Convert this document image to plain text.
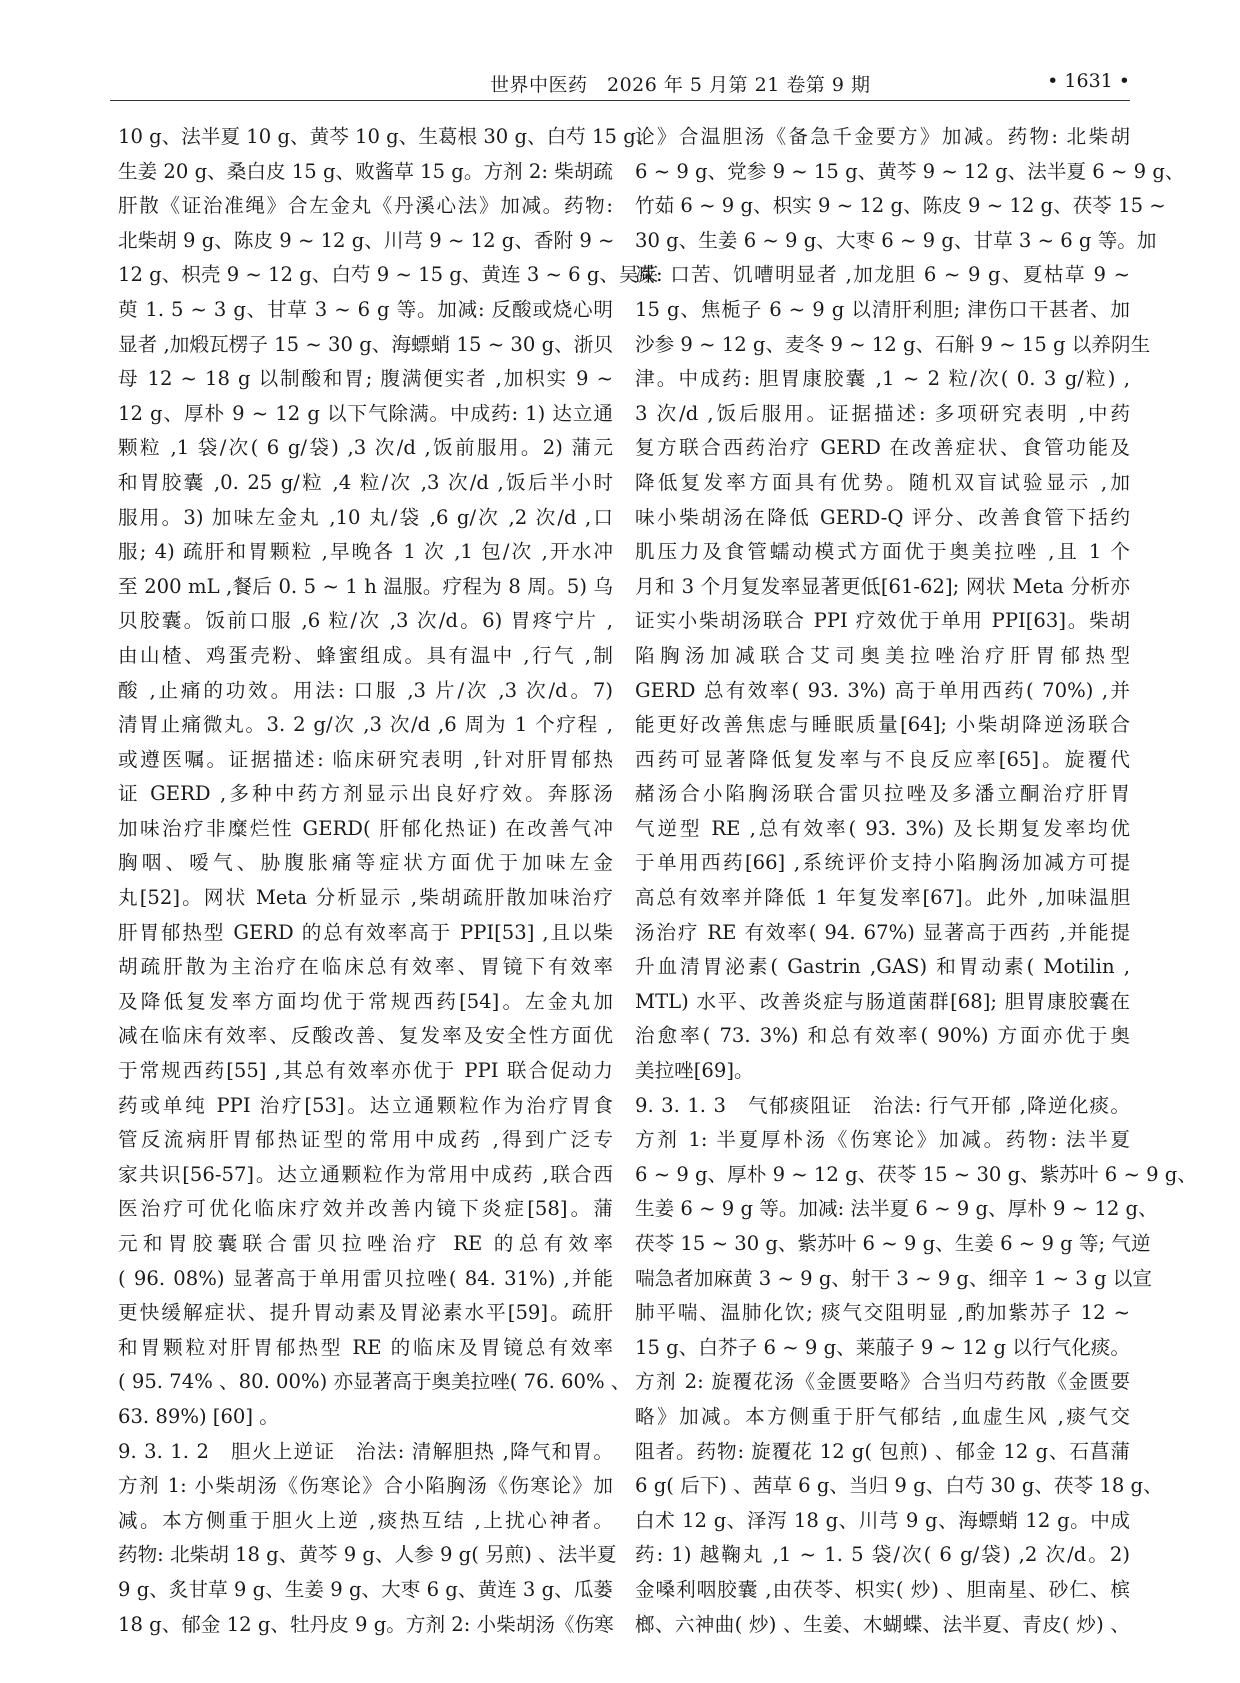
世界中医药　2026 年 5 月第 21 卷第 9 期	• 1631 •
10 g、法半夏 10 g、黄芩 10 g、生葛根 30 g、白芍 15 g、
生姜 20 g、桑白皮 15 g、败酱草 15 g。方剂 2: 柴胡疏
肝散《证治准绳》合左金丸《丹溪心法》加减。药物:
北柴胡 9 g、陈皮 9 ~ 12 g、川芎 9 ~ 12 g、香附 9 ~
12 g、枳壳 9 ~ 12 g、白芍 9 ~ 15 g、黄连 3 ~ 6 g、吴茱
萸 1. 5 ~ 3 g、甘草 3 ~ 6 g 等。加减: 反酸或烧心明
显者 ,加煅瓦楞子 15 ~ 30 g、海螵蛸 15 ~ 30 g、浙贝
母 12 ~ 18 g 以制酸和胃; 腹满便实者 ,加枳实 9 ~
12 g、厚朴 9 ~ 12 g 以下气除满。中成药: 1) 达立通
颗粒 ,1 袋/次( 6 g/袋) ,3 次/d ,饭前服用。2) 蒲元
和胃胶囊 ,0. 25 g/粒 ,4 粒/次 ,3 次/d ,饭后半小时
服用。3) 加味左金丸 ,10 丸/袋 ,6 g/次 ,2 次/d ,口
服; 4) 疏肝和胃颗粒 ,早晚各 1 次 ,1 包/次 ,开水冲
至 200 mL ,餐后 0. 5 ~ 1 h 温服。疗程为 8 周。5) 乌
贝胶囊。饭前口服 ,6 粒/次 ,3 次/d。6) 胃疼宁片 ,
由山楂、鸡蛋壳粉、蜂蜜组成。具有温中 ,行气 ,制
酸 ,止痛的功效。用法: 口服 ,3 片/次 ,3 次/d。7)
清胃止痛微丸。3. 2 g/次 ,3 次/d ,6 周为 1 个疗程 ,
或遵医嘱。证据描述: 临床研究表明 ,针对肝胃郁热
证 GERD ,多种中药方剂显示出良好疗效。奔豚汤
加味治疗非糜烂性 GERD( 肝郁化热证) 在改善气冲
胸咽、嗳气、胁腹胀痛等症状方面优于加味左金
丸[52]。网状 Meta 分析显示 ,柴胡疏肝散加味治疗
肝胃郁热型 GERD 的总有效率高于 PPI[53] ,且以柴
胡疏肝散为主治疗在临床总有效率、胃镜下有效率
及降低复发率方面均优于常规西药[54]。左金丸加
减在临床有效率、反酸改善、复发率及安全性方面优
于常规西药[55] ,其总有效率亦优于 PPI 联合促动力
药或单纯 PPI 治疗[53]。达立通颗粒作为治疗胃食
管反流病肝胃郁热证型的常用中成药 ,得到广泛专
家共识[56-57]。达立通颗粒作为常用中成药 ,联合西
医治疗可优化临床疗效并改善内镜下炎症[58]。蒲
元和胃胶囊联合雷贝拉唑治疗 RE 的总有效率
( 96. 08%) 显著高于单用雷贝拉唑( 84. 31%) ,并能
更快缓解症状、提升胃动素及胃泌素水平[59]。疏肝
和胃颗粒对肝胃郁热型 RE 的临床及胃镜总有效率
( 95. 74% 、80. 00%) 亦显著高于奥美拉唑( 76. 60% 、
63. 89%) [60] 。
9. 3. 1. 2　胆火上逆证　治法: 清解胆热 ,降气和胃。
方剂 1: 小柴胡汤《伤寒论》合小陷胸汤《伤寒论》加
减。本方侧重于胆火上逆 ,痰热互结 ,上扰心神者。
药物: 北柴胡 18 g、黄芩 9 g、人参 9 g( 另煎) 、法半夏
9 g、炙甘草 9 g、生姜 9 g、大枣 6 g、黄连 3 g、瓜蒌
18 g、郁金 12 g、牡丹皮 9 g。方剂 2: 小柴胡汤《伤寒
论》合温胆汤《备急千金要方》加减。药物: 北柴胡
6 ~ 9 g、党参 9 ~ 15 g、黄芩 9 ~ 12 g、法半夏 6 ~ 9 g、
竹茹 6 ~ 9 g、枳实 9 ~ 12 g、陈皮 9 ~ 12 g、茯苓 15 ~
30 g、生姜 6 ~ 9 g、大枣 6 ~ 9 g、甘草 3 ~ 6 g 等。加
减: 口苦、饥嘈明显者 ,加龙胆 6 ~ 9 g、夏枯草 9 ~
15 g、焦栀子 6 ~ 9 g 以清肝利胆; 津伤口干甚者、加
沙参 9 ~ 12 g、麦冬 9 ~ 12 g、石斛 9 ~ 15 g 以养阴生
津。中成药: 胆胃康胶囊 ,1 ~ 2 粒/次( 0. 3 g/粒) ,
3 次/d ,饭后服用。证据描述: 多项研究表明 ,中药
复方联合西药治疗 GERD 在改善症状、食管功能及
降低复发率方面具有优势。随机双盲试验显示 ,加
味小柴胡汤在降低 GERD-Q 评分、改善食管下括约
肌压力及食管蠕动模式方面优于奥美拉唑 ,且 1 个
月和 3 个月复发率显著更低[61-62]; 网状 Meta 分析亦
证实小柴胡汤联合 PPI 疗效优于单用 PPI[63]。柴胡
陷胸汤加减联合艾司奥美拉唑治疗肝胃郁热型
GERD 总有效率( 93. 3%) 高于单用西药( 70%) ,并
能更好改善焦虑与睡眠质量[64]; 小柴胡降逆汤联合
西药可显著降低复发率与不良反应率[65]。旋覆代
赭汤合小陷胸汤联合雷贝拉唑及多潘立酮治疗肝胃
气逆型 RE ,总有效率( 93. 3%) 及长期复发率均优
于单用西药[66] ,系统评价支持小陷胸汤加减方可提
高总有效率并降低 1 年复发率[67]。此外 ,加味温胆
汤治疗 RE 有效率( 94. 67%) 显著高于西药 ,并能提
升血清胃泌素( Gastrin ,GAS) 和胃动素( Motilin ,
MTL) 水平、改善炎症与肠道菌群[68]; 胆胃康胶囊在
治愈率( 73. 3%) 和总有效率( 90%) 方面亦优于奥
美拉唑[69]。
9. 3. 1. 3　气郁痰阻证　治法: 行气开郁 ,降逆化痰。
方剂 1: 半夏厚朴汤《伤寒论》加减。药物: 法半夏
6 ~ 9 g、厚朴 9 ~ 12 g、茯苓 15 ~ 30 g、紫苏叶 6 ~ 9 g、
生姜 6 ~ 9 g 等。加减: 法半夏 6 ~ 9 g、厚朴 9 ~ 12 g、
茯苓 15 ~ 30 g、紫苏叶 6 ~ 9 g、生姜 6 ~ 9 g 等; 气逆
喘急者加麻黄 3 ~ 9 g、射干 3 ~ 9 g、细辛 1 ~ 3 g 以宣
肺平喘、温肺化饮; 痰气交阻明显 ,酌加紫苏子 12 ~
15 g、白芥子 6 ~ 9 g、莱菔子 9 ~ 12 g 以行气化痰。
方剂 2: 旋覆花汤《金匮要略》合当归芍药散《金匮要
略》加减。本方侧重于肝气郁结 ,血虚生风 ,痰气交
阻者。药物: 旋覆花 12 g( 包煎) 、郁金 12 g、石菖蒲
6 g( 后下) 、茜草 6 g、当归 9 g、白芍 30 g、茯苓 18 g、
白术 12 g、泽泻 18 g、川芎 9 g、海螵蛸 12 g。中成
药: 1) 越鞠丸 ,1 ~ 1. 5 袋/次( 6 g/袋) ,2 次/d。2)
金嗓利咽胶囊 ,由茯苓、枳实( 炒) 、胆南星、砂仁、槟
榔、六神曲( 炒) 、生姜、木蝴蝶、法半夏、青皮( 炒) 、
